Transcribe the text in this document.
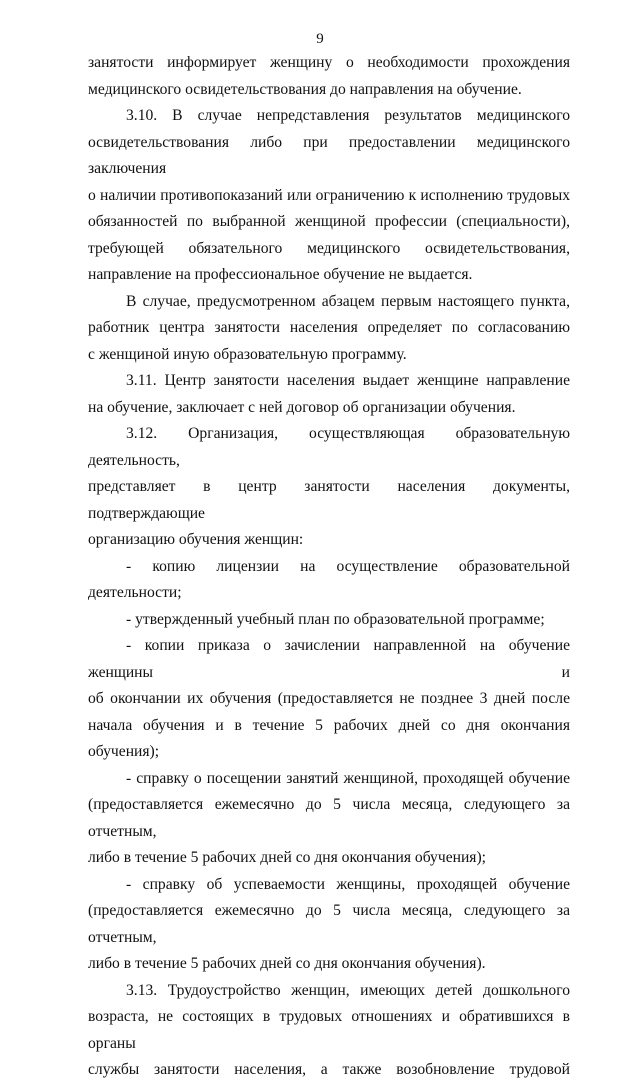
9

занятости информирует женщину о необходимости прохождения

медицинского освидетельствования до направления на обучение.

3.10. В случае непредставления результатов медицинского

освидетельствования либо при предоставлении медицинского заключения

о наличии противопоказаний или ограничению к исполнению трудовых

обязанностей по выбранной женщиной профессии (специальности),

требующей обязательного медицинского освидетельствования,

направление на профессиональное обучение не выдается.

В случае, предусмотренном абзацем первым настоящего пункта,

работник центра занятости населения определяет по согласованию

с женщиной иную образовательную программу.

3.11. Центр занятости населения выдает женщине направление

на обучение, заключает с ней договор об организации обучения.

3.12. Организация, осуществляющая образовательную деятельность,

представляет в центр занятости населения документы, подтверждающие

организацию обучения женщин:

- копию лицензии на осуществление образовательной деятельности;

- утвержденный учебный план по образовательной программе;

- копии приказа о зачислении направленной на обучение женщины и

об окончании их обучения (предоставляется не позднее 3 дней после

начала обучения и в течение 5 рабочих дней со дня окончания обучения);

- справку о посещении занятий женщиной, проходящей обучение

(предоставляется ежемесячно до 5 числа месяца, следующего за отчетным,

либо в течение 5 рабочих дней со дня окончания обучения);

- справку об успеваемости женщины, проходящей обучение

(предоставляется ежемесячно до 5 числа месяца, следующего за отчетным,

либо в течение 5 рабочих дней со дня окончания обучения).

3.13. Трудоустройство женщин, имеющих детей дошкольного

возраста, не состоящих в трудовых отношениях и обратившихся в органы

службы занятости населения, а также возобновление трудовой
